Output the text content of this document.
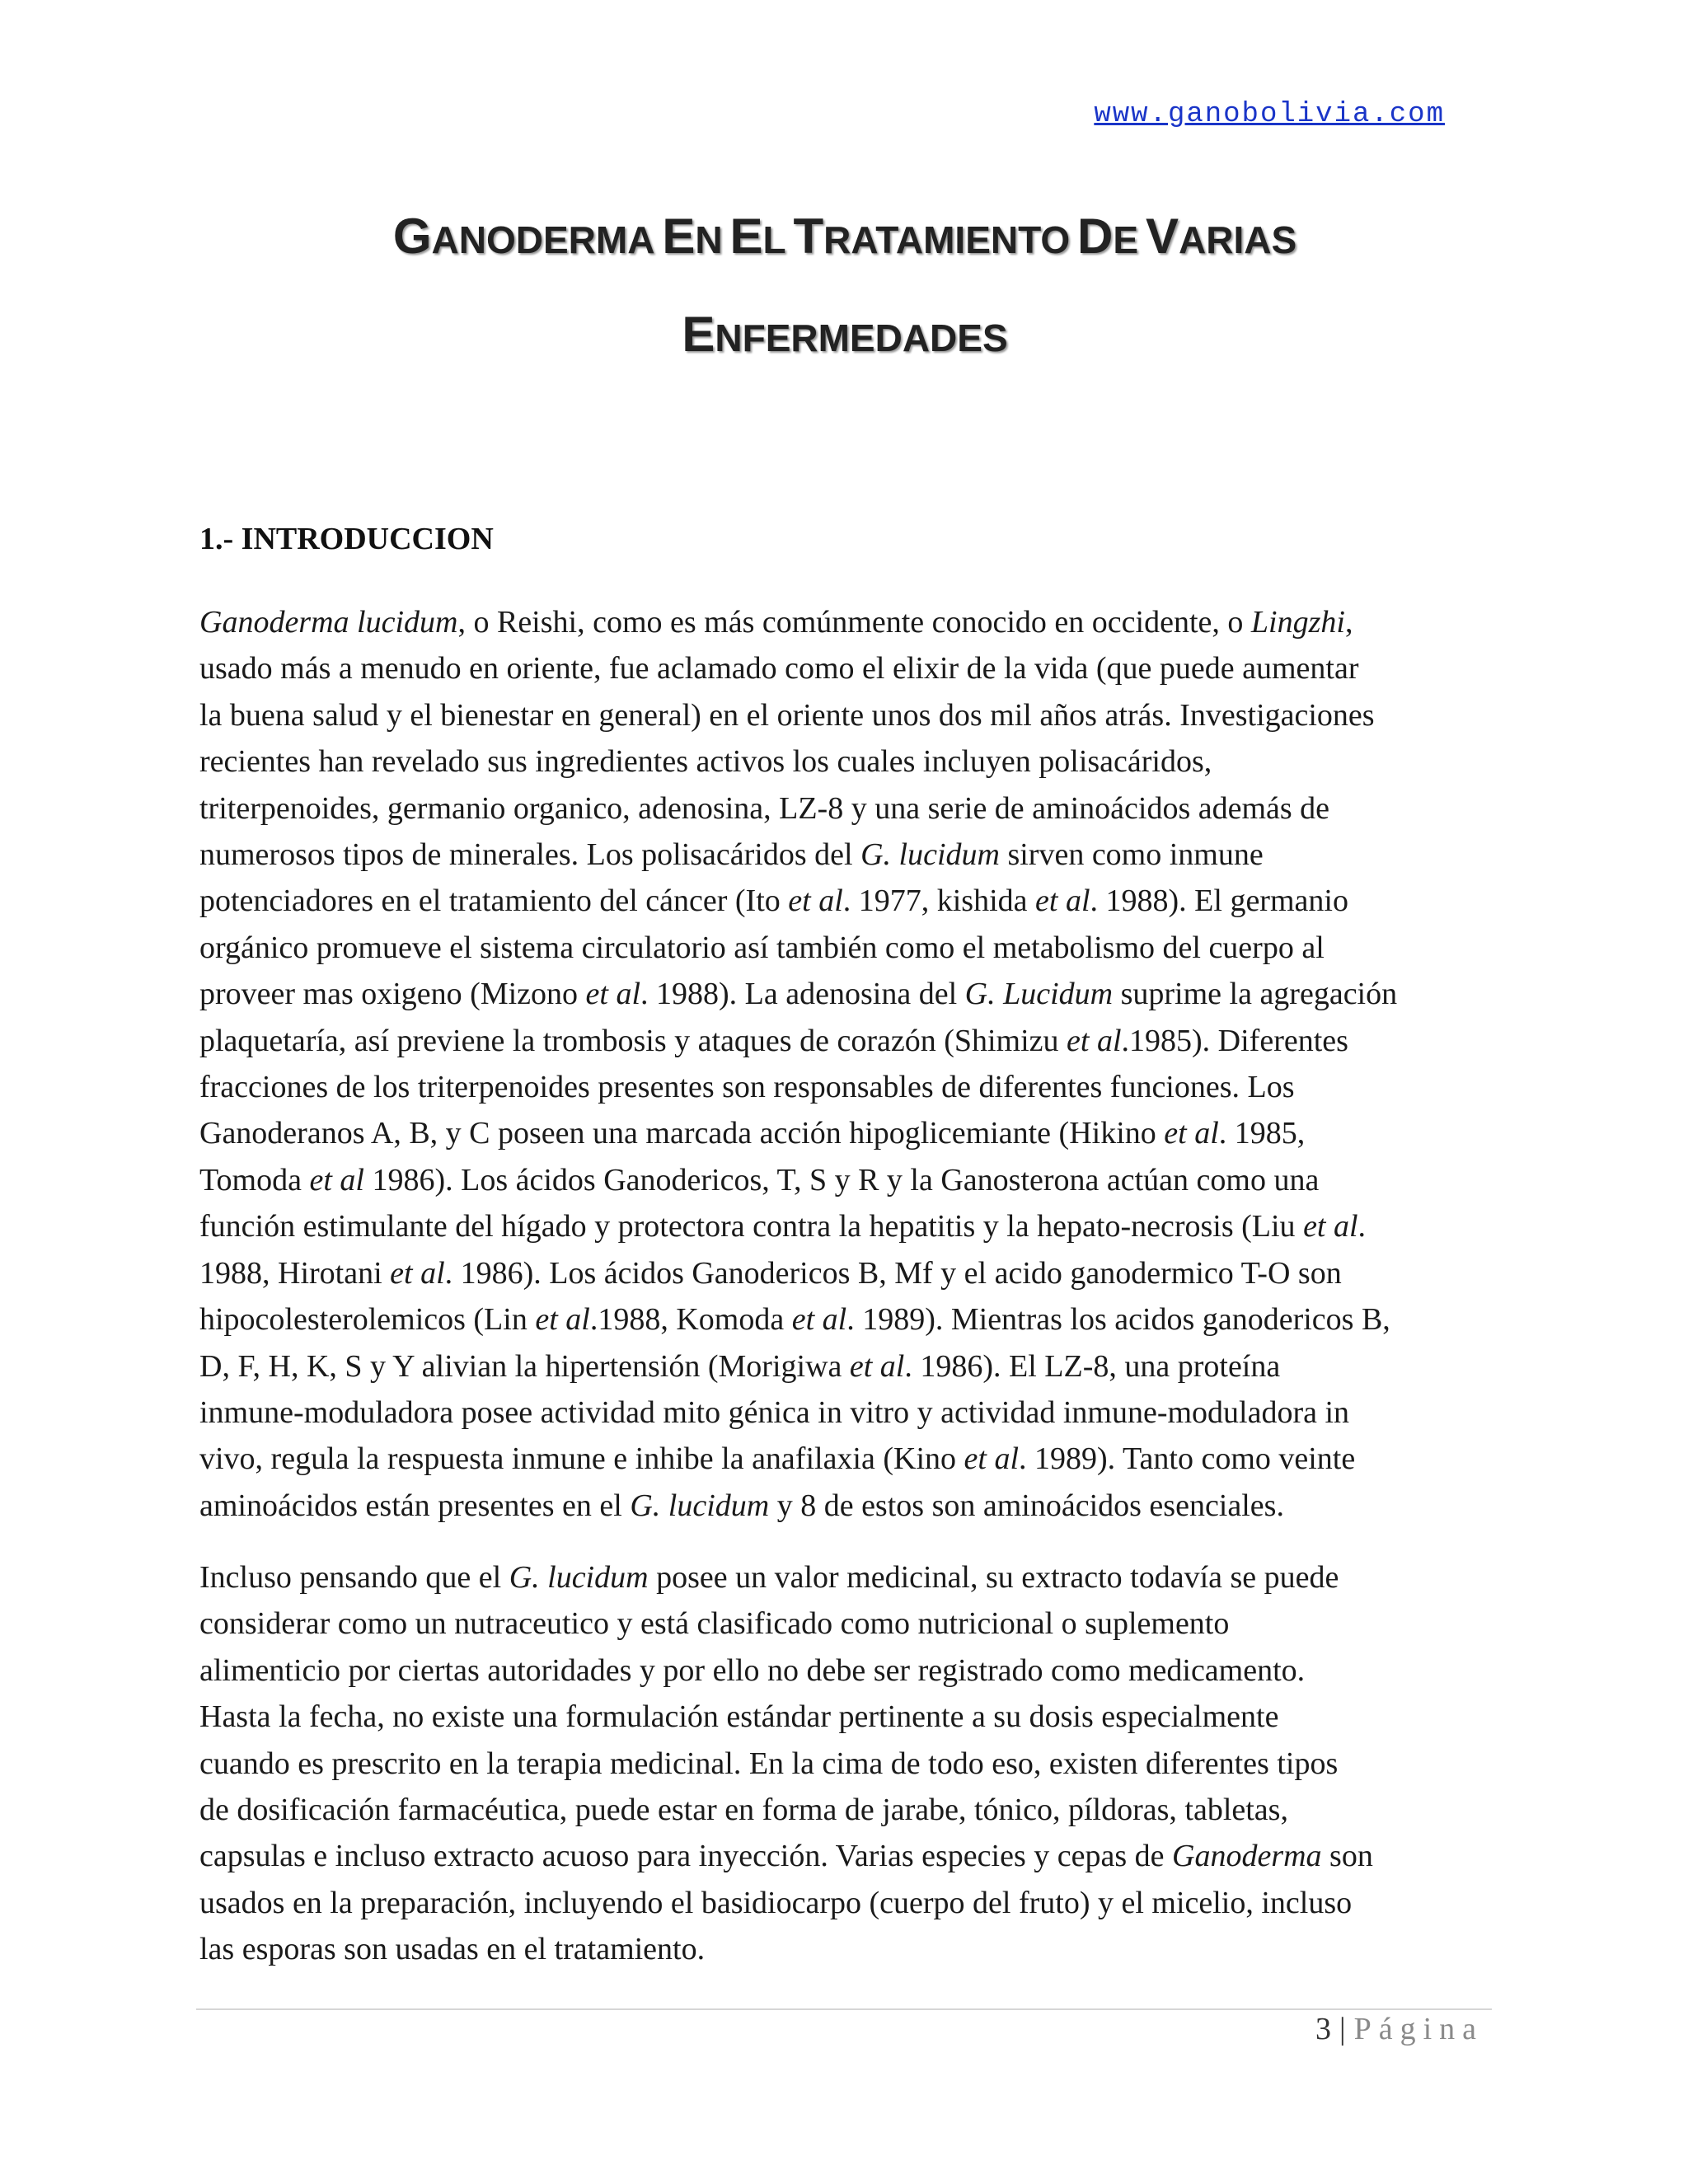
www.ganobolivia.com
GANODERMA EN EL TRATAMIENTO DE VARIAS
ENFERMEDADES
1.- INTRODUCCION
Ganoderma lucidum, o Reishi, como es más comúnmente conocido en occidente, o Lingzhi,
usado más a menudo en oriente, fue aclamado como el elixir de la vida (que puede aumentar
la buena salud y el bienestar en general) en el oriente unos dos mil años atrás. Investigaciones
recientes han revelado sus ingredientes activos los cuales incluyen polisacáridos,
triterpenoides, germanio organico, adenosina, LZ-8 y una serie de aminoácidos además de
numerosos tipos de minerales. Los polisacáridos del G. lucidum sirven como inmune
potenciadores en el tratamiento del cáncer (Ito et al. 1977, kishida et al. 1988). El germanio
orgánico promueve el sistema circulatorio así también como el metabolismo del cuerpo al
proveer mas oxigeno (Mizono et al. 1988). La adenosina del G. Lucidum suprime la agregación
plaquetaría, así previene la trombosis y ataques de corazón (Shimizu et al.1985). Diferentes
fracciones de los triterpenoides presentes son responsables de diferentes funciones. Los
Ganoderanos A, B, y C poseen una marcada acción hipoglicemiante (Hikino et al. 1985,
Tomoda et al 1986). Los ácidos Ganodericos, T, S y R y la Ganosterona actúan como una
función estimulante del hígado y protectora contra la hepatitis y la hepato-necrosis (Liu et al.
1988, Hirotani et al. 1986). Los ácidos Ganodericos B, Mf y el acido ganodermico T-O son
hipocolesterolemicos (Lin et al.1988, Komoda et al. 1989). Mientras los acidos ganodericos B,
D, F, H, K, S y Y alivian la hipertensión (Morigiwa et al. 1986). El LZ-8, una proteína
inmune-moduladora posee actividad mito génica in vitro y actividad inmune-moduladora in
vivo, regula la respuesta inmune e inhibe la anafilaxia (Kino et al. 1989). Tanto como veinte
aminoácidos están presentes en el G. lucidum y 8 de estos son aminoácidos esenciales.
Incluso pensando que el G. lucidum posee un valor medicinal, su extracto todavía se puede
considerar como un nutraceutico y está clasificado como nutricional o suplemento
alimenticio por ciertas autoridades y por ello no debe ser registrado como medicamento.
Hasta la fecha, no existe una formulación estándar pertinente a su dosis especialmente
cuando es prescrito en la terapia medicinal. En la cima de todo eso, existen diferentes tipos
de dosificación farmacéutica, puede estar en forma de jarabe, tónico, píldoras, tabletas,
capsulas e incluso extracto acuoso para inyección. Varias especies y cepas de Ganoderma son
usados en la preparación, incluyendo el basidiocarpo (cuerpo del fruto) y el micelio, incluso
las esporas son usadas en el tratamiento.
3 | Página
